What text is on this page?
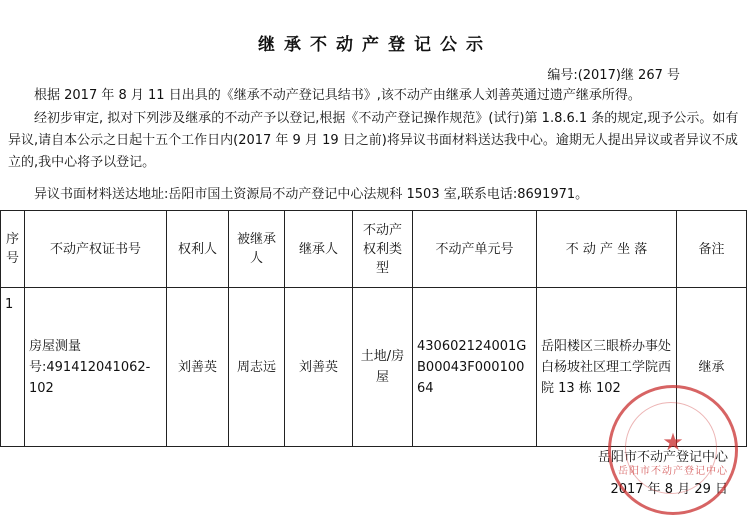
继承不动产登记公示
编号:(2017)继 267 号
根据 2017 年 8 月 11 日出具的《继承不动产登记具结书》,该不动产由继承人刘善英通过遗产继承所得。
经初步审定, 拟对下列涉及继承的不动产予以登记,根据《不动产登记操作规范》(试行)第 1.8.6.1 条的规定,现予公示。如有异议,请自本公示之日起十五个工作日内(2017 年 9 月 19 日之前)将异议书面材料送达我中心。逾期无人提出异议或者异议不成立的,我中心将予以登记。
异议书面材料送达地址:岳阳市国土资源局不动产登记中心法规科 1503 室,联系电话:8691971。
序号	不动产权证书号	权利人	被继承人	继承人	不动产权利类型	不动产单元号	不 动 产 坐 落	备注
1	房屋测量号:491412041062-102	刘善英	周志远	刘善英	土地/房屋	430602124001GB00043F00010064	岳阳楼区三眼桥办事处白杨坡社区理工学院西院 13 栋 102	继承
岳阳市不动产登记中心
2017 年 8 月 29 日
★
岳阳市不动产登记中心
